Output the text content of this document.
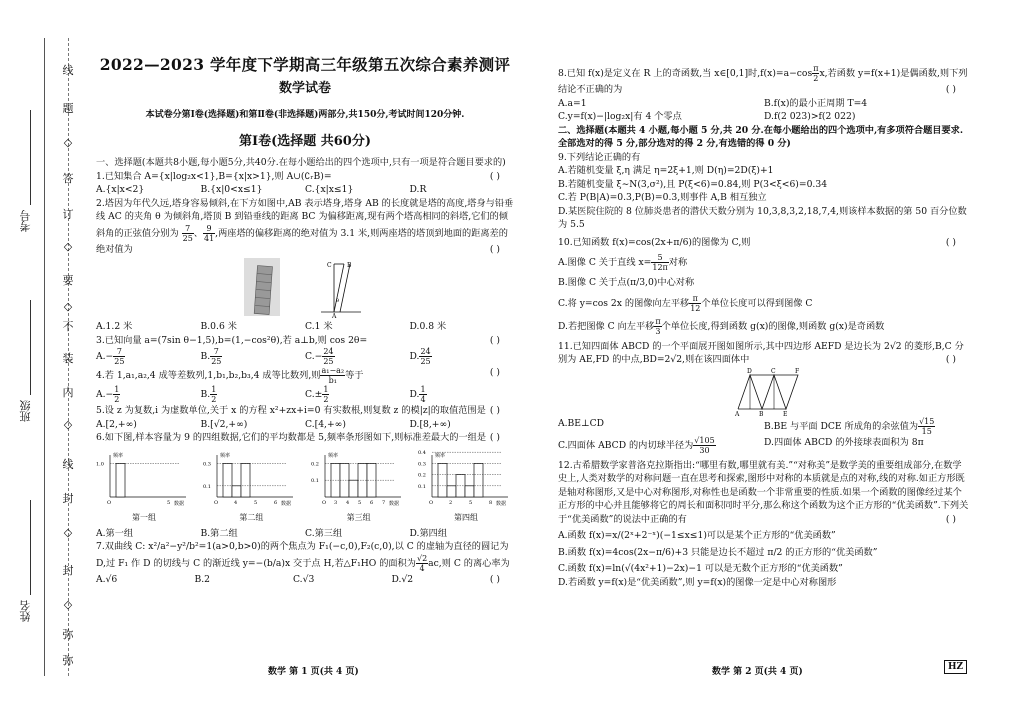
线
题
◇
答
订
◇
要
◇
不
装
内
◇
线
封
◇
封
◇
弥
弥
考号
班级
姓名
2022—2023 学年度下学期高三年级第五次综合素养测评
数学试卷
本试卷分第Ⅰ卷(选择题)和第Ⅱ卷(非选择题)两部分,共150分,考试时间120分钟.
第Ⅰ卷(选择题 共60分)

一、选择题(本题共8小题,每小题5分,共40分.在每小题给出的四个选项中,只有一项是符合题目要求的)

( )
1.已知集合 A={x|log₂x<1},B={x|x>1},则 A∪(∁ᵣB)=

A.{x|x<2}	B.{x|0<x≤1}	C.{x|x≤1}	D.R

2.塔因为年代久远,塔身容易倾斜,在下方如图中,AB 表示塔身,塔身 AB 的长度就是塔的高度,塔身与铅垂线 AC 的夹角 θ 为倾斜角,塔顶 B 到铅垂线的距离 BC 为偏移距离,现有两个塔高相同的斜塔,它们的倾斜角的正弦值分别为 $\frac{7}{25}$ 、 $\frac{9}{41}$ ,两座塔的偏移距离的绝对值为 3.1 米,则两座塔的塔顶到地面的距离差的绝对值为	( )

C	B
θ
A
A.1.2 米	B.0.6 米	C.1 米	D.0.8 米

( )
3.已知向量 a=(7sin θ−1,5),b=(1,−cos²θ),若 a⊥b,则 cos 2θ=

$A.- \frac{7}{25}$	B. $\frac{7}{25}$	$C.- \frac{24}{25}$	D. $\frac{24}{25}$

( )
4.若 1,a₁,a₂,4 成等差数列,1,b₁,b₂,b₃,4 成等比数列,则 $\frac{\text{a₁−a₂}}{\text{b₁}}$ 等于

$A.- \frac{1}{2}$	B. $\frac{1}{2}$	$C.\pm \frac{1}{2}$	D. $\frac{1}{4}$

5.设 z 为复数,i 为虚数单位,关于 x 的方程 x²+zx+i=0 有实数根,则复数 z 的模|z|的取值范围是 ( )

A.[2,+∞)	B.[√2,+∞)	C.[4,+∞)	D.[8,+∞)

6.如下图,样本容量为 9 的四组数据,它们的平均数都是 5,频率条形图如下,则标准差最大的一组是 ( )

频率
数据
O	5
1.0
第一组
频率
数据
O	4	5	6
0.3
0.1
第二组
频率
数据
O 3 4 5 6 7
0.2
0.1
第三组
频率
数据
O	2	5	8
0.4
0.3
0.2
0.1
第四组
A.第一组	B.第二组	C.第三组	D.第四组

7.双曲线 C: x²/a²−y²/b²=1(a>0,b>0)的两个焦点为 F₁(−c,0),F₂(c,0),以 C 的虚轴为直径的圆记为 D,过 F₁ 作 D 的切线与 C 的渐近线 y=−(b/a)x 交于点 H,若△F₁HO 的面积为 $\frac{√2}{4}$ ac,则 C 的离心率为
( )

A.√6	B.2	C.√3	D.√2
数学 第 1 页(共 4 页)

8.已知 f(x)是定义在 R 上的奇函数,当 x∈[0,1]时$,f(x)=a-\cos \frac{\pi}{2} x$,若函数 y=f(x+1)是偶函数,则下列结论不正确的为	( )

A.a=1	B.f(x)的最小正周期 T=4
C.y=f(x)−|log₂x|有 4 个零点	D.f(2 023)>f(2 022)

二、选择题(本题共 4 小题,每小题 5 分,共 20 分.在每小题给出的四个选项中,有多项符合题目要求.全部选对的得 5 分,部分选对的得 2 分,有选错的得 0 分)

9.下列结论正确的有

A.若随机变量 ξ,η 满足 η=2ξ+1,则 D(η)=2D(ξ)+1

B.若随机变量 ξ∼N(3,σ²),且 P(ξ<6)=0.84,则 P(3<ξ<6)=0.34

C.若 P(B|A)=0.3,P(B)=0.3,则事件 A,B 相互独立

D.某医院住院的 8 位肺炎患者的潜伏天数分别为 10,3,8,3,2,18,7,4,则该样本数据的第 50 百分位数为 5.5

10.已知函数 f(x)=cos(2x+π/6)的图像为 C,则	( )

A.图像 C 关于直线 $x= \frac{5}{12\pi}$ 对称

B.图像 C 关于点(π/3,0)中心对称

C.将 y=cos 2x 的图像向左平移 $\frac{\pi}{12}$ 个单位长度可以得到图像 C

D.若把图像 C 向左平移 $\frac{\pi}{3}$ 个单位长度,得到函数 g(x)的图像,则函数 g(x)是奇函数

11.已知四面体 ABCD 的一个平面展开图如图所示,其中四边形 AEFD 是边长为 2√2 的菱形,B,C 分别为 AE,FD 的中点,BD=2√2,则在该四面体中	( )

D	C	F
A	B	E
A.BE⊥CD	B.BE 与平面 DCE 所成角的余弦值为 $\frac{√15}{15}$
C.四面体 ABCD 的内切球半径为 $\frac{√105}{30}$	D.四面体 ABCD 的外接球表面积为 8π

12.古希腊数学家普洛克拉斯指出:“哪里有数,哪里就有美.”“对称美”是数学美的重要组成部分,在数学史上,人类对数学的对称问题一直在思考和探索,图形中对称的本质就是点的对称,线的对称.如正方形既是轴对称图形,又是中心对称图形,对称性也是函数一个非常重要的性质.如果一个函数的图像经过某个正方形的中心并且能够将它的周长和面积同时平分,那么称这个函数为这个正方形的“优美函数”.下列关于“优美函数”的说法中正确的有	( )

A.函数 f(x)=x/(2ˣ+2⁻ˣ)(−1≤x≤1)可以是某个正方形的“优美函数”

B.函数 f(x)=4cos(2x−π/6)+3 只能是边长不超过 π/2 的正方形的“优美函数”

C.函数 f(x)=ln(√(4x²+1)−2x)−1 可以是无数个正方形的“优美函数”

D.若函数 y=f(x)是“优美函数”,则 y=f(x)的图像一定是中心对称图形

数学 第 2 页(共 4 页)	HZ
